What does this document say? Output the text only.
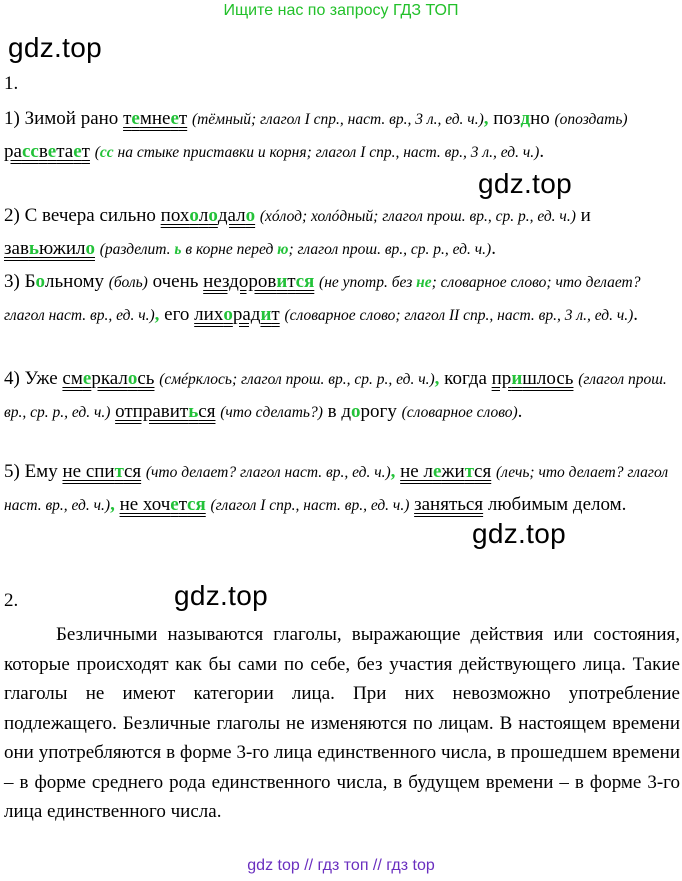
Ищите нас по запросу ГДЗ ТОП
gdz.top
gdz.top
gdz.top
gdz.top
1.
1) Зимой рано темнеет (тёмный; глагол I спр., наст. вр., 3 л., ед. ч.), поздно (опоздать) рассветает (сс на стыке приставки и корня; глагол I спр., наст. вр., 3 л., ед. ч.).
2) С вечера сильно похолодало (хóлод; холóдный; глагол прош. вр., ср. р., ед. ч.) и завьюжило (разделит. ь в корне перед ю; глагол прош. вр., ср. р., ед. ч.).
3) Больному (боль) очень нездоровится (не употр. без не; словарное слово; что делает? глагол наст. вр., ед. ч.), его лихорадит (словарное слово; глагол II спр., наст. вр., 3 л., ед. ч.).
4) Уже смеркалось (смéрклось; глагол прош. вр., ср. р., ед. ч.), когда пришлось (глагол прош. вр., ср. р., ед. ч.) отправиться (что сделать?) в дорогу (словарное слово).
5) Ему не спится (что делает? глагол наст. вр., ед. ч.), не лежится (лечь; что делает? глагол наст. вр., ед. ч.), не хочется (глагол I спр., наст. вр., ед. ч.) заняться любимым делом.
2.
Безличными называются глаголы, выражающие действия или состояния, которые происходят как бы сами по себе, без участия действующего лица. Такие глаголы не имеют категории лица. При них невозможно употребление подлежащего. Безличные глаголы не изменяются по лицам. В настоящем времени они употребляются в форме 3-го лица единственного числа, в прошедшем времени – в форме среднего рода единственного числа, в будущем времени – в форме 3-го лица единственного числа.
gdz top // гдз топ // гдз top
